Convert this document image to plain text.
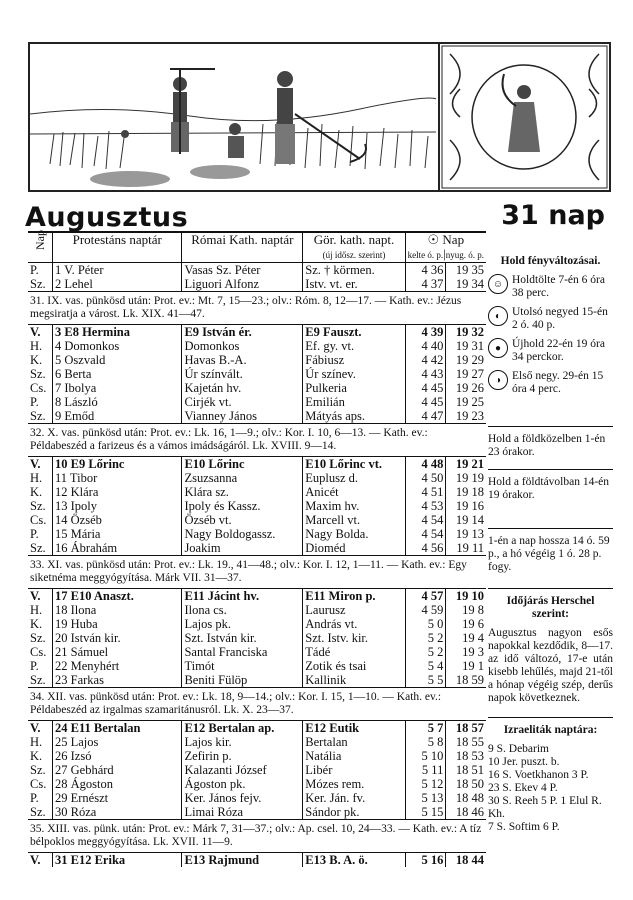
Augusztus	31 nap
Nap	Protestáns naptár	Római Kath. naptár	Gör. kath. napt.
(új idősz. szerint)	☉ Nap
kelte ó. p.|nyug. ó. p.	
P.	1 V. Péter	Vasas Sz. Péter	Sz. † körmen.	4 36	19 35
Sz.	2 Lehel	Liguori Alfonz	Istv. vt. er.	4 37	19 34
31. IX. vas. pünkösd után: Prot. ev.: Mt. 7, 15—23.; olv.: Róm. 8, 12—17. — Kath. ev.: Jézus megsiratja a várost. Lk. XIX. 41—47.					
V.	3 E8 Hermina	E9 István ér.	E9 Fauszt.	4 39	19 32
H.	4 Domonkos	Domonkos	Ef. gy. vt.	4 40	19 31
K.	5 Oszvald	Havas B.-A.	Fábiusz	4 42	19 29
Sz.	6 Berta	Úr színvált.	Úr színev.	4 43	19 27
Cs.	7 Ibolya	Kajetán hv.	Pulkeria	4 45	19 26
P.	8 László	Cirjék vt.	Emilián	4 45	19 25
Sz.	9 Emőd	Vianney János	Mátyás aps.	4 47	19 23
32. X. vas. pünkösd után: Prot. ev.: Lk. 16, 1—9.; olv.: Kor. I. 10, 6—13. — Kath. ev.: Példabeszéd a farizeus és a vámos imádságáról. Lk. XVIII. 9—14.					
V.	10 E9 Lőrinc	E10 Lőrinc	E10 Lőrinc vt.	4 48	19 21
H.	11 Tibor	Zsuzsanna	Euplusz d.	4 50	19 19
K.	12 Klára	Klára sz.	Anicét	4 51	19 18
Sz.	13 Ipoly	Ipoly és Kassz.	Maxim hv.	4 53	19 16
Cs.	14 Özséb	Özséb vt.	Marcell vt.	4 54	19 14
P.	15 Mária	Nagy Boldogassz.	Nagy Bolda.	4 54	19 13
Sz.	16 Ábrahám	Joakim	Dioméd	4 56	19 11
33. XI. vas. pünkösd után: Prot. ev.: Lk. 19., 41—48.; olv.: Kor. I. 12, 1—11. — Kath. ev.: Egy siketnéma meggyógyítása. Márk VII. 31—37.					
V.	17 E10 Anaszt.	E11 Jácint hv.	E11 Miron p.	4 57	19 10
H.	18 Ilona	Ilona cs.	Laurusz	4 59	19 8
K.	19 Huba	Lajos pk.	András vt.	5 0	19 6
Sz.	20 István kir.	Szt. István kir.	Szt. Istv. kir.	5 2	19 4
Cs.	21 Sámuel	Santal Franciska	Tádé	5 2	19 3
P.	22 Menyhért	Timót	Zotik és tsai	5 4	19 1
Sz.	23 Farkas	Beniti Fülöp	Kallinik	5 5	18 59
34. XII. vas. pünkösd után: Prot. ev.: Lk. 18, 9—14.; olv.: Kor. I. 15, 1—10. — Kath. ev.: Példabeszéd az irgalmas szamaritánusról. Lk. X. 23—37.					
V.	24 E11 Bertalan	E12 Bertalan ap.	E12 Eutik	5 7	18 57
H.	25 Lajos	Lajos kir.	Bertalan	5 8	18 55
K.	26 Izsó	Zefirin p.	Natália	5 10	18 53
Sz.	27 Gebhárd	Kalazanti József	Libér	5 11	18 51
Cs.	28 Ágoston	Ágoston pk.	Mózes rem.	5 12	18 50
P.	29 Ernészt	Ker. János fejv.	Ker. Ján. fv.	5 13	18 48
Sz.	30 Róza	Limai Róza	Sándor pk.	5 15	18 46
35. XIII. vas. pünk. után: Prot. ev.: Márk 7, 31—37.; olv.: Ap. csel. 10, 24—33. — Kath. ev.: A tíz bélpoklos meggyógyítása. Lk. XVII. 11—9.					
V.	31 E12 Erika	E13 Rajmund	E13 B. A. ö.	5 16	18 44
Hold fényváltozásai.
☺ Holdtölte 7-én 6 óra 38 perc.
◐ Utolsó negyed 15-én 2 ó. 40 p.
● Újhold 22-én 19 óra 34 perckor.
◑ Első negy. 29-én 15 óra 4 perc.
Hold a földközelben 1-én 23 órakor.
Hold a földtávolban 14-én 19 órakor.
1-én a nap hossza 14 ó. 59 p., a hó végéig 1 ó. 28 p. fogy.
Időjárás Herschel szerint:
Augusztus nagyon esős napokkal kezdődik, 8—17. az idő változó, 17-e után kisebb lehűlés, majd 21-től a hónap végéig szép, derűs napok következnek.
Izraeliták naptára:
9 S. Debarim
10 Jer. puszt. b.
16 S. Voetkhanon 3 P.
23 S. Ekev 4 P.
30 S. Reeh 5 P. 1 Elul R. Kh.
7 S. Softim 6 P.
